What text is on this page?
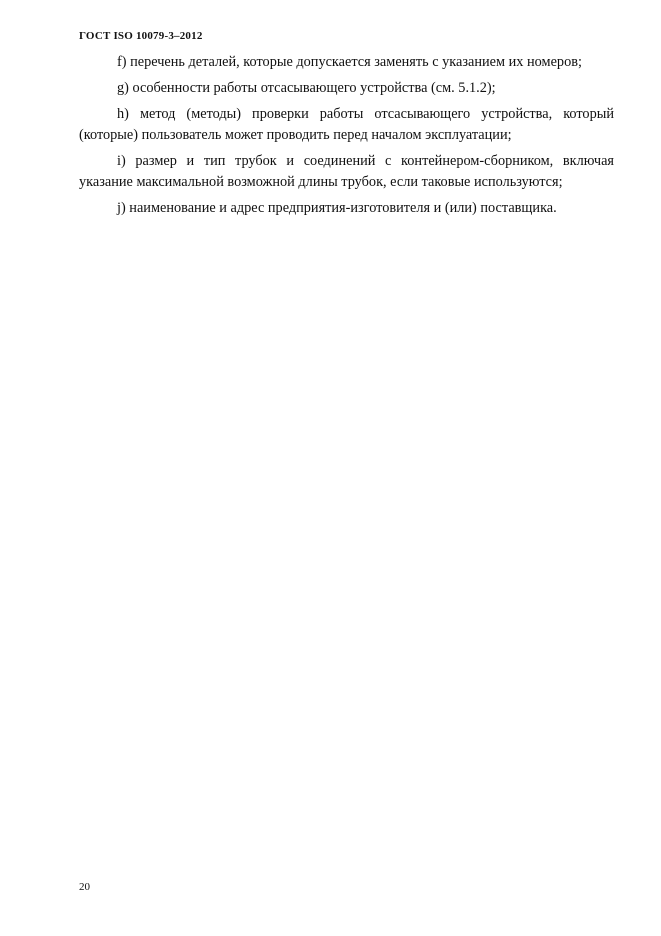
ГОСТ ISO 10079-3–2012

f) перечень деталей, которые допускается заменять с указанием их номеров;

g) особенности работы отсасывающего устройства (см. 5.1.2);

h) метод (методы) проверки работы отсасывающего устройства, который (которые) пользователь может проводить перед началом эксплуатации;

i) размер и тип трубок и соединений с контейнером-сборником, включая указание максимальной возможной длины трубок, если таковые используются;

j) наименование и адрес предприятия-изготовителя и (или) поставщика.

20
